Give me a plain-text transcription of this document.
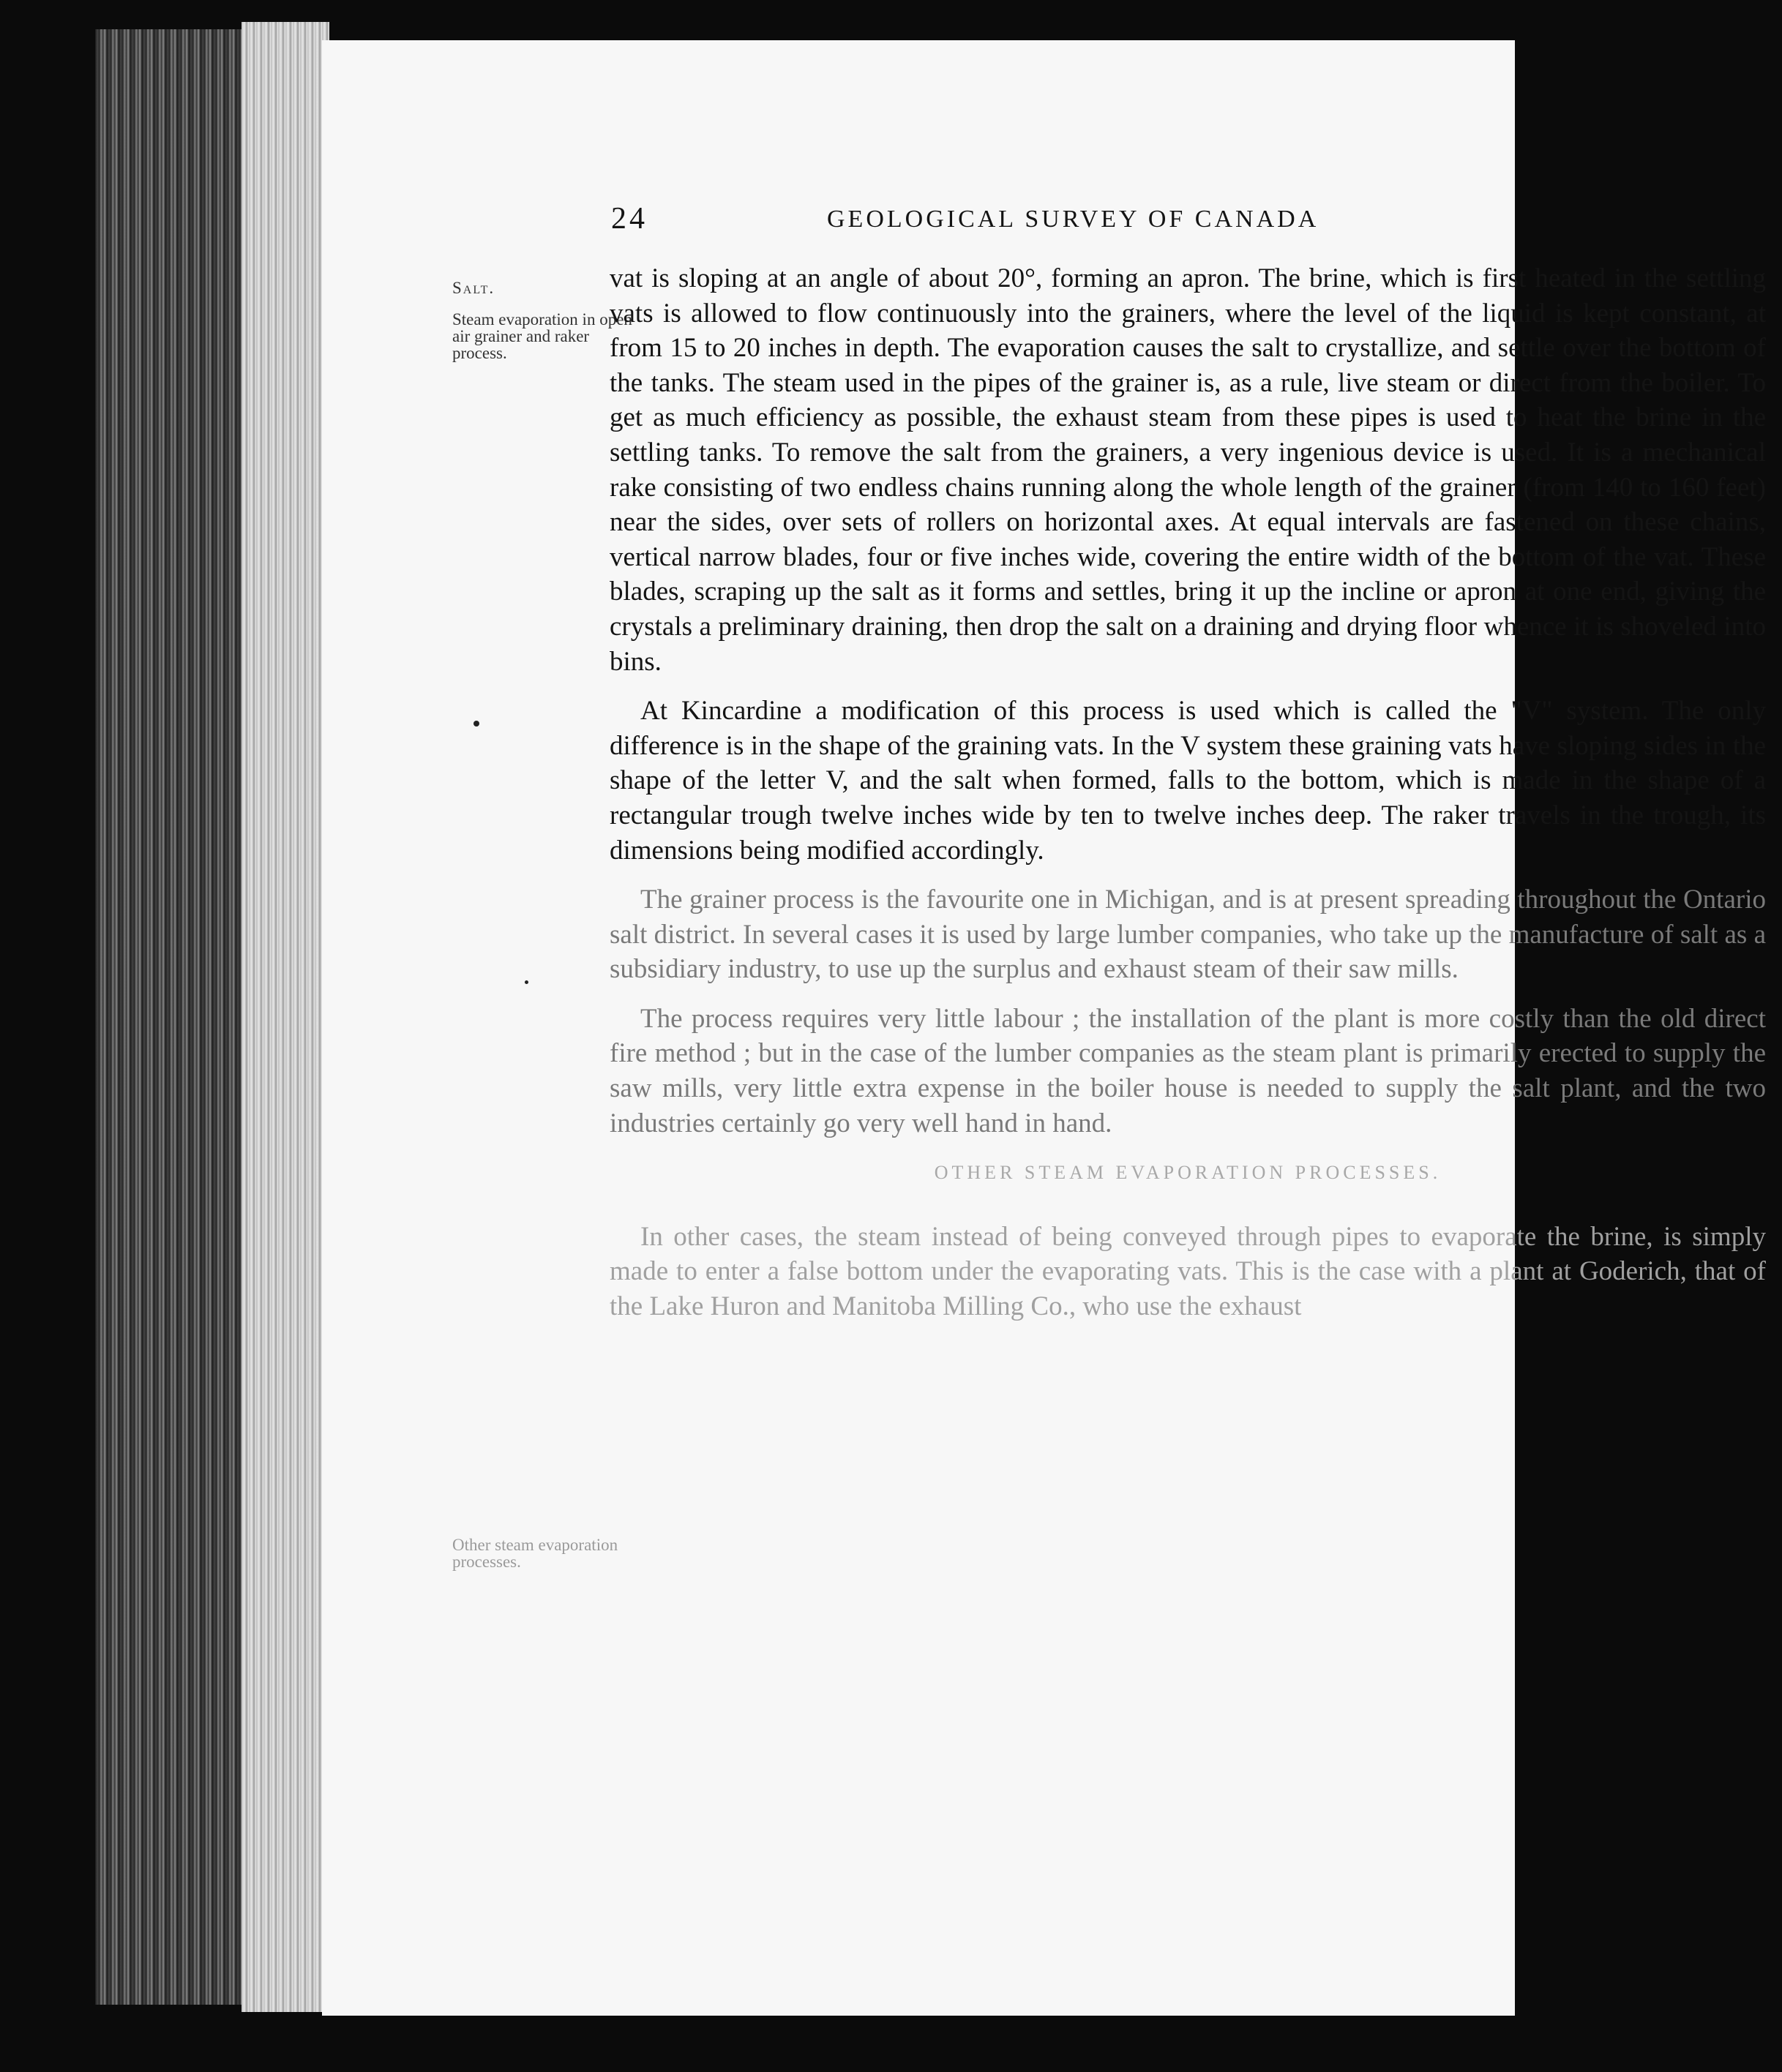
24	GEOLOGICAL SURVEY OF CANADA
Salt.
Steam evaporation in open air grainer and raker process.
Other steam evaporation processes.

vat is sloping at an angle of about 20°, forming an apron. The brine, which is first heated in the settling vats is allowed to flow continuously into the grainers, where the level of the liquid is kept constant, at from 15 to 20 inches in depth. The evaporation causes the salt to crystallize, and settle over the bottom of the tanks. The steam used in the pipes of the grainer is, as a rule, live steam or direct from the boiler. To get as much efficiency as possible, the exhaust steam from these pipes is used to heat the brine in the settling tanks. To remove the salt from the grainers, a very ingenious device is used. It is a mechanical rake consisting of two endless chains running along the whole length of the grainer (from 140 to 160 feet) near the sides, over sets of rollers on horizontal axes. At equal intervals are fastened on these chains, vertical narrow blades, four or five inches wide, covering the entire width of the bottom of the vat. These blades, scraping up the salt as it forms and settles, bring it up the incline or apron at one end, giving the crystals a preliminary draining, then drop the salt on a draining and drying floor whence it is shoveled into bins.

At Kincardine a modification of this process is used which is called the "V" system. The only difference is in the shape of the graining vats. In the V system these graining vats have sloping sides in the shape of the letter V, and the salt when formed, falls to the bottom, which is made in the shape of a rectangular trough twelve inches wide by ten to twelve inches deep. The raker travels in the trough, its dimensions being modified accordingly.

The grainer process is the favourite one in Michigan, and is at present spreading throughout the Ontario salt district. In several cases it is used by large lumber companies, who take up the manufacture of salt as a subsidiary industry, to use up the surplus and exhaust steam of their saw mills.

The process requires very little labour ; the installation of the plant is more costly than the old direct fire method ; but in the case of the lumber companies as the steam plant is primarily erected to supply the saw mills, very little extra expense in the boiler house is needed to supply the salt plant, and the two industries certainly go very well hand in hand.

OTHER STEAM EVAPORATION PROCESSES.

In other cases, the steam instead of being conveyed through pipes to evaporate the brine, is simply made to enter a false bottom under the evaporating vats. This is the case with a plant at Goderich, that of the Lake Huron and Manitoba Milling Co., who use the exhaust
